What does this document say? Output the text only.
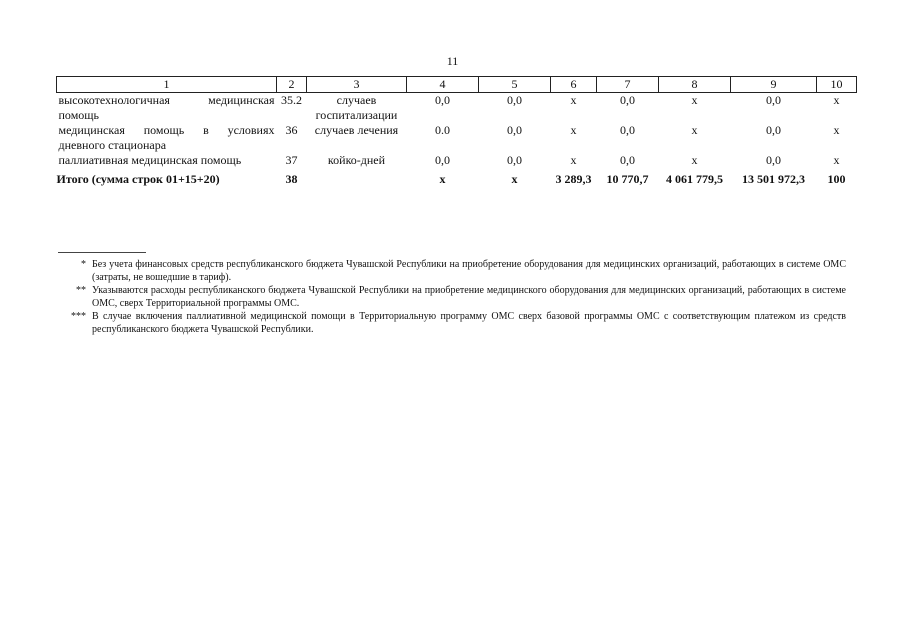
11
1	2	3	4	5	6	7	8	9	10
высокотехнологичная медицинская помощь	35.2	случаев госпитализации	0,0	0,0	х	0,0	х	0,0	х
медицинская помощь в условиях дневного стационара	36	случаев лечения	0.0	0,0	х	0,0	х	0,0	х
паллиативная медицинская помощь	37	койко-дней	0,0	0,0	х	0,0	х	0,0	х
Итого (сумма строк 01+15+20)	38		х	х	3 289,3	10 770,7	4 061 779,5	13 501 972,3	100
* Без учета финансовых средств республиканского бюджета Чувашской Республики на приобретение оборудования для медицинских организаций, работающих в системе ОМС (затраты, не вошедшие в тариф).
** Указываются расходы республиканского бюджета Чувашской Республики на приобретение медицинского оборудования для медицинских организаций, работающих в системе ОМС, сверх Территориальной программы ОМС.
*** В случае включения паллиативной медицинской помощи в Территориальную программу ОМС сверх базовой программы ОМС с соответствующим платежом из средств республиканского бюджета Чувашской Республики.
